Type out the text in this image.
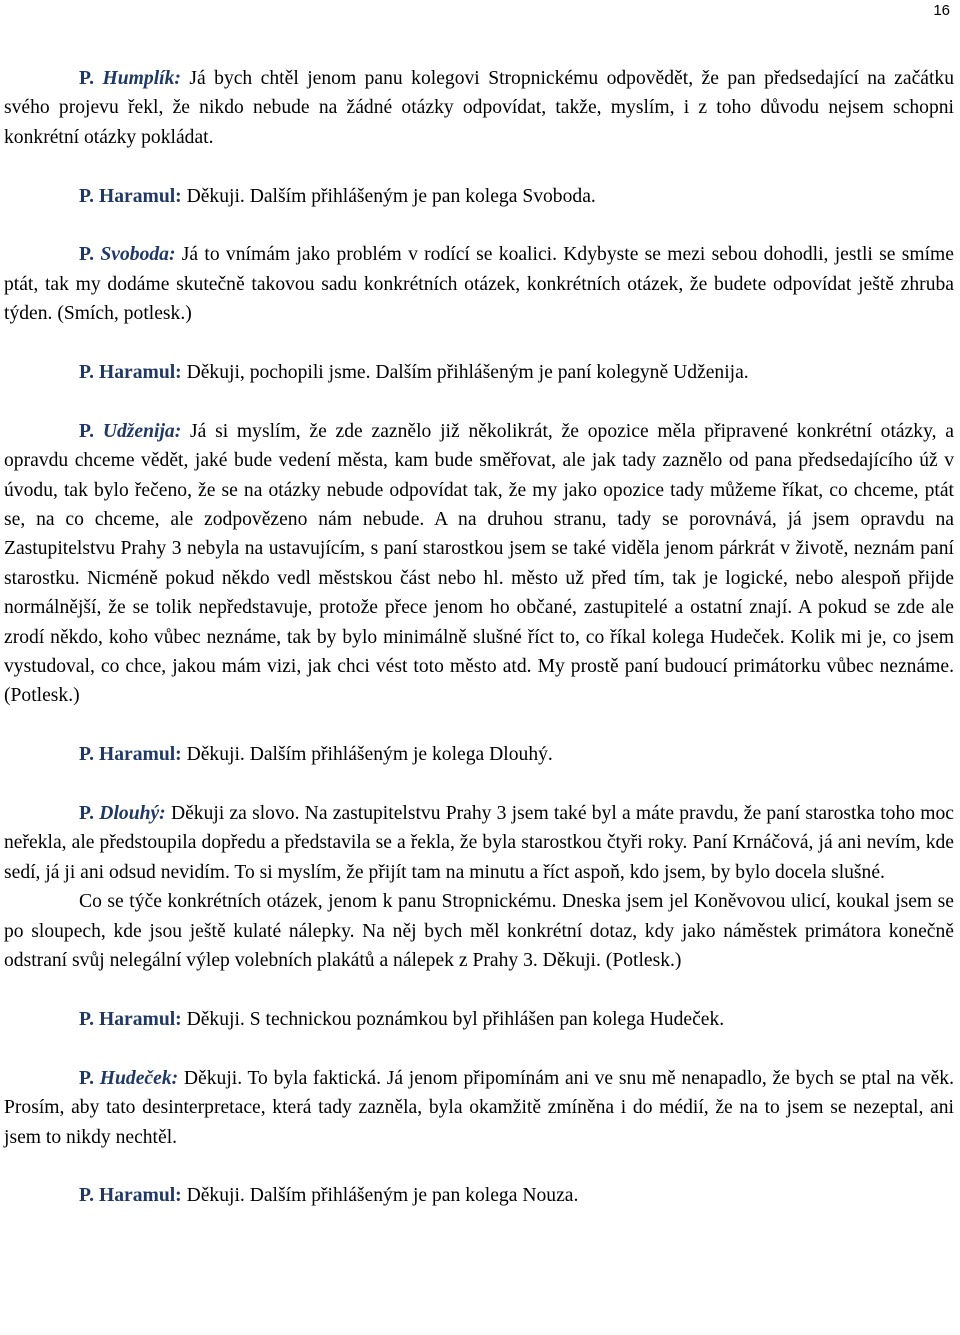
16

P. Humplík: Já bych chtěl jenom panu kolegovi Stropnickému odpovědět, že pan předsedající na začátku svého projevu řekl, že nikdo nebude na žádné otázky odpovídat, takže, myslím, i z toho důvodu nejsem schopni konkrétní otázky pokládat.

P. Haramul: Děkuji. Dalším přihlášeným je pan kolega Svoboda.

P. Svoboda: Já to vnímám jako problém v rodící se koalici. Kdybyste se mezi sebou dohodli, jestli se smíme ptát, tak my dodáme skutečně takovou sadu konkrétních otázek, konkrétních otázek, že budete odpovídat ještě zhruba týden. (Smích, potlesk.)

P. Haramul: Děkuji, pochopili jsme. Dalším přihlášeným je paní kolegyně Udženija.

P. Udženija: Já si myslím, že zde zaznělo již několikrát, že opozice měla připravené konkrétní otázky, a opravdu chceme vědět, jaké bude vedení města, kam bude směřovat, ale jak tady zaznělo od pana předsedajícího úž v úvodu, tak bylo řečeno, že se na otázky nebude odpovídat tak, že my jako opozice tady můžeme říkat, co chceme, ptát se, na co chceme, ale zodpovězeno nám nebude. A na druhou stranu, tady se porovnává, já jsem opravdu na Zastupitelstvu Prahy 3 nebyla na ustavujícím, s paní starostkou jsem se také viděla jenom párkrát v životě, neznám paní starostku. Nicméně pokud někdo vedl městskou část nebo hl. město už před tím, tak je logické, nebo alespoň přijde normálnější, že se tolik nepředstavuje, protože přece jenom ho občané, zastupitelé a ostatní znají. A pokud se zde ale zrodí někdo, koho vůbec neznáme, tak by bylo minimálně slušné říct to, co říkal kolega Hudeček. Kolik mi je, co jsem vystudoval, co chce, jakou mám vizi, jak chci vést toto město atd. My prostě paní budoucí primátorku vůbec neznáme. (Potlesk.)

P. Haramul: Děkuji. Dalším přihlášeným je kolega Dlouhý.

P. Dlouhý: Děkuji za slovo. Na zastupitelstvu Prahy 3 jsem také byl a máte pravdu, že paní starostka toho moc neřekla, ale předstoupila dopředu a představila se a řekla, že byla starostkou čtyři roky. Paní Krnáčová, já ani nevím, kde sedí, já ji ani odsud nevidím. To si myslím, že přijít tam na minutu a říct aspoň, kdo jsem, by bylo docela slušné.

Co se týče konkrétních otázek, jenom k panu Stropnickému. Dneska jsem jel Koněvovou ulicí, koukal jsem se po sloupech, kde jsou ještě kulaté nálepky. Na něj bych měl konkrétní dotaz, kdy jako náměstek primátora konečně odstraní svůj nelegální výlep volebních plakátů a nálepek z Prahy 3. Děkuji. (Potlesk.)

P. Haramul: Děkuji. S technickou poznámkou byl přihlášen pan kolega Hudeček.

P. Hudeček: Děkuji. To byla faktická. Já jenom připomínám ani ve snu mě nenapadlo, že bych se ptal na věk. Prosím, aby tato desinterpretace, která tady zazněla, byla okamžitě zmíněna i do médií, že na to jsem se nezeptal, ani jsem to nikdy nechtěl.

P. Haramul: Děkuji. Dalším přihlášeným je pan kolega Nouza.
